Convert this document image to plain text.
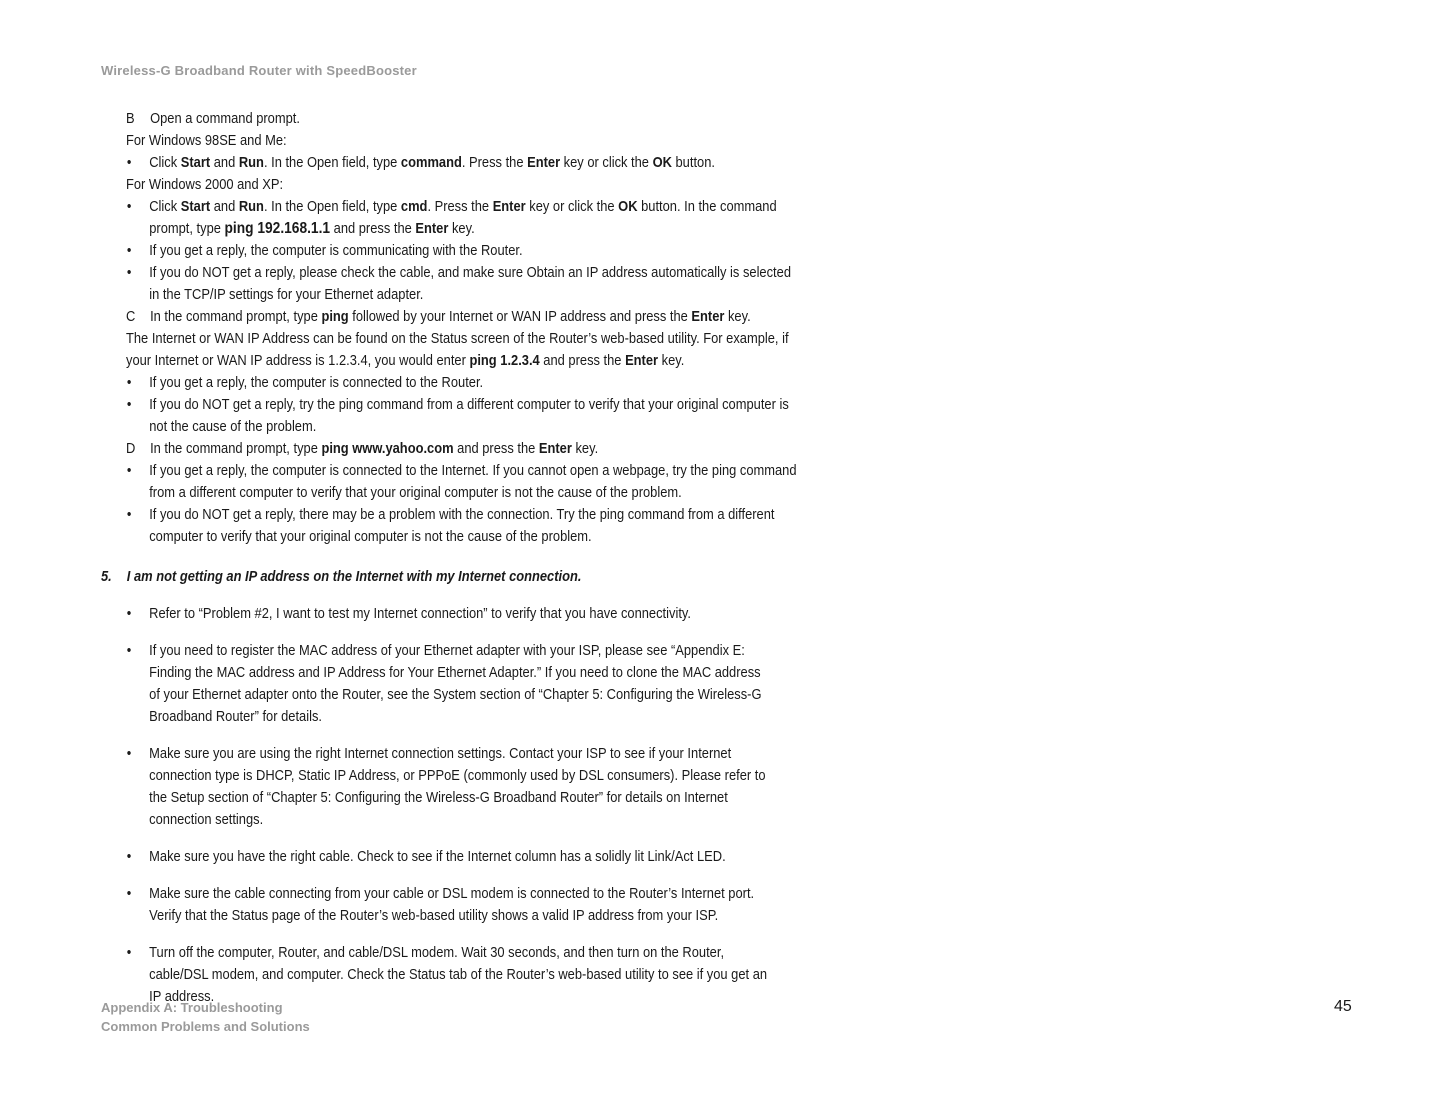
Wireless-G Broadband Router with SpeedBooster
B	Open a command prompt.

For Windows 98SE and Me:

• Click Start and Run. In the Open field, type command. Press the Enter key or click the OK button.

For Windows 2000 and XP:

• Click Start and Run. In the Open field, type cmd. Press the Enter key or click the OK button. In the command prompt, type ping 192.168.1.1 and press the Enter key.

• If you get a reply, the computer is communicating with the Router.

• If you do NOT get a reply, please check the cable, and make sure Obtain an IP address automatically is selected in the TCP/IP settings for your Ethernet adapter.

C In the command prompt, type ping followed by your Internet or WAN IP address and press the Enter key.

The Internet or WAN IP Address can be found on the Status screen of the Router’s web-based utility. For example, if your Internet or WAN IP address is 1.2.3.4, you would enter ping 1.2.3.4 and press the Enter key.

• If you get a reply, the computer is connected to the Router.

• If you do NOT get a reply, try the ping command from a different computer to verify that your original computer is not the cause of the problem.

D In the command prompt, type ping www.yahoo.com and press the Enter key.

• If you get a reply, the computer is connected to the Internet. If you cannot open a webpage, try the ping command from a different computer to verify that your original computer is not the cause of the problem.

• If you do NOT get a reply, there may be a problem with the connection. Try the ping command from a different computer to verify that your original computer is not the cause of the problem.

5.	I am not getting an IP address on the Internet with my Internet connection.

• Refer to “Problem #2, I want to test my Internet connection” to verify that you have connectivity.

• If you need to register the MAC address of your Ethernet adapter with your ISP, please see “Appendix E: Finding the MAC address and IP Address for Your Ethernet Adapter.” If you need to clone the MAC address of your Ethernet adapter onto the Router, see the System section of “Chapter 5: Configuring the Wireless-G Broadband Router” for details.

• Make sure you are using the right Internet connection settings. Contact your ISP to see if your Internet connection type is DHCP, Static IP Address, or PPPoE (commonly used by DSL consumers). Please refer to the Setup section of “Chapter 5: Configuring the Wireless-G Broadband Router” for details on Internet connection settings.

• Make sure you have the right cable. Check to see if the Internet column has a solidly lit Link/Act LED.

• Make sure the cable connecting from your cable or DSL modem is connected to the Router’s Internet port. Verify that the Status page of the Router’s web-based utility shows a valid IP address from your ISP.

• Turn off the computer, Router, and cable/DSL modem. Wait 30 seconds, and then turn on the Router, cable/DSL modem, and computer. Check the Status tab of the Router’s web-based utility to see if you get an IP address.

Appendix A: Troubleshooting
Common Problems and Solutions
45
